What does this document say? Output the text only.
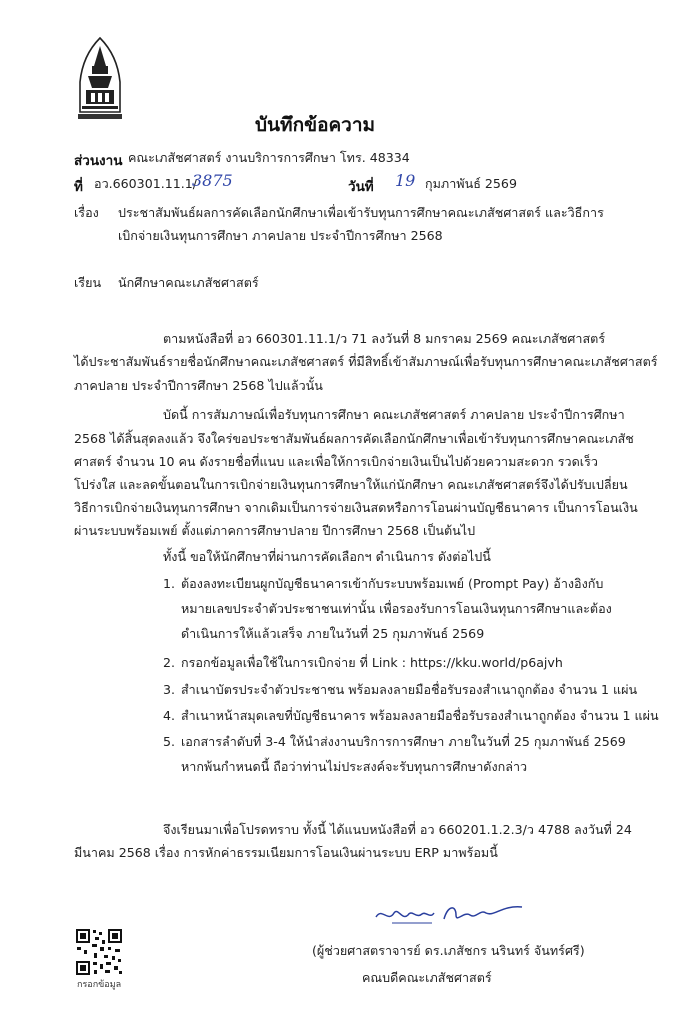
บันทึกข้อความ
ส่วนงาน คณะเภสัชศาสตร์ งานบริการการศึกษา โทร. 48334
ที่ อว.660301.11.1/
3875	วันที่ 19 กุมภาพันธ์ 2569
เรื่อง ประชาสัมพันธ์ผลการคัดเลือกนักศึกษาเพื่อเข้ารับทุนการศึกษาคณะเภสัชศาสตร์ และวิธีการ
เบิกจ่ายเงินทุนการศึกษา ภาคปลาย ประจำปีการศึกษา 2568
เรียน นักศึกษาคณะเภสัชศาสตร์
ตามหนังสือที่ อว 660301.11.1/ว 71 ลงวันที่ 8 มกราคม 2569 คณะเภสัชศาสตร์
ได้ประชาสัมพันธ์รายชื่อนักศึกษาคณะเภสัชศาสตร์ ที่มีสิทธิ์เข้าสัมภาษณ์เพื่อรับทุนการศึกษาคณะเภสัชศาสตร์
ภาคปลาย ประจำปีการศึกษา 2568 ไปแล้วนั้น
บัดนี้ การสัมภาษณ์เพื่อรับทุนการศึกษา คณะเภสัชศาสตร์ ภาคปลาย ประจำปีการศึกษา
2568 ได้สิ้นสุดลงแล้ว จึงใคร่ขอประชาสัมพันธ์ผลการคัดเลือกนักศึกษาเพื่อเข้ารับทุนการศึกษาคณะเภสัช
ศาสตร์ จำนวน 10 คน ดังรายชื่อที่แนบ และเพื่อให้การเบิกจ่ายเงินเป็นไปด้วยความสะดวก รวดเร็ว
โปร่งใส และลดขั้นตอนในการเบิกจ่ายเงินทุนการศึกษาให้แก่นักศึกษา คณะเภสัชศาสตร์จึงได้ปรับเปลี่ยน
วิธีการเบิกจ่ายเงินทุนการศึกษา จากเดิมเป็นการจ่ายเงินสดหรือการโอนผ่านบัญชีธนาคาร เป็นการโอนเงิน
ผ่านระบบพร้อมเพย์ ตั้งแต่ภาคการศึกษาปลาย ปีการศึกษา 2568 เป็นต้นไป
ทั้งนี้ ขอให้นักศึกษาที่ผ่านการคัดเลือกฯ ดำเนินการ ดังต่อไปนี้
1. ต้องลงทะเบียนผูกบัญชีธนาคารเข้ากับระบบพร้อมเพย์ (Prompt Pay) อ้างอิงกับ
หมายเลขประจำตัวประชาชนเท่านั้น เพื่อรองรับการโอนเงินทุนการศึกษาและต้อง
ดำเนินการให้แล้วเสร็จ ภายในวันที่ 25 กุมภาพันธ์ 2569
2. กรอกข้อมูลเพื่อใช้ในการเบิกจ่าย ที่ Link : https://kku.world/p6ajvh
3. สำเนาบัตรประจำตัวประชาชน พร้อมลงลายมือชื่อรับรองสำเนาถูกต้อง จำนวน 1 แผ่น
4. สำเนาหน้าสมุดเลขที่บัญชีธนาคาร พร้อมลงลายมือชื่อรับรองสำเนาถูกต้อง จำนวน 1 แผ่น
5. เอกสารลำดับที่ 3-4 ให้นำส่งงานบริการการศึกษา ภายในวันที่ 25 กุมภาพันธ์ 2569
หากพ้นกำหนดนี้ ถือว่าท่านไม่ประสงค์จะรับทุนการศึกษาดังกล่าว
จึงเรียนมาเพื่อโปรดทราบ ทั้งนี้ ได้แนบหนังสือที่ อว 660201.1.2.3/ว 4788 ลงวันที่ 24
มีนาคม 2568 เรื่อง การหักค่าธรรมเนียมการโอนเงินผ่านระบบ ERP มาพร้อมนี้
(ผู้ช่วยศาสตราจารย์ ดร.เภสัชกร นรินทร์ จันทร์ศรี)
คณบดีคณะเภสัชศาสตร์
กรอกข้อมูล
